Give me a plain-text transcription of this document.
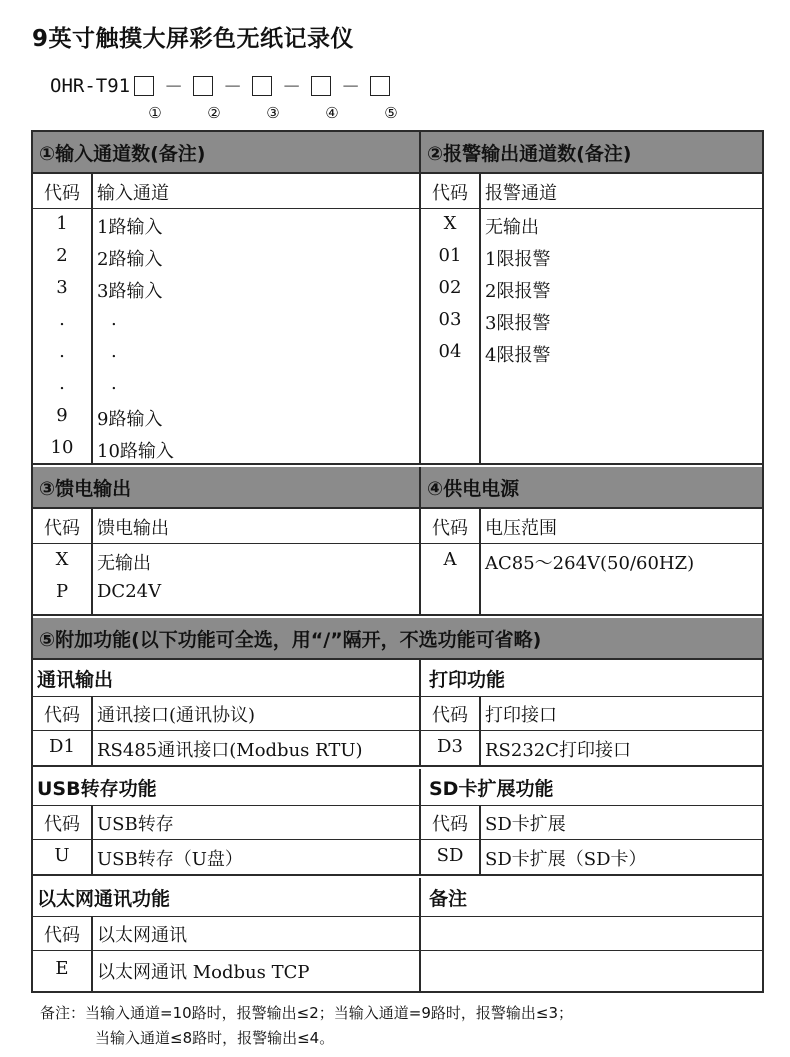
9英寸触摸大屏彩色无纸记录仪
OHR-T91 － － － －
①	②	③	④	⑤
①输入通道数(备注)	②报警输出通道数(备注)
代码 输入通道
1	1路输入
2	2路输入
3	3路输入
.	.
.	.
.	.
9	9路输入
10	10路输入
代码 报警通道
X	无输出
01	1限报警
02	2限报警
03	3限报警
04	4限报警
③馈电输出	④供电电源
代码 馈电输出
X	无输出
P	DC24V
代码 电压范围
A	AC85～264V(50/60HZ)
⑤附加功能(以下功能可全选，用“/”隔开，不选功能可省略)
通讯输出
代码 通讯接口(通讯协议)
D1	RS485通讯接口(Modbus RTU)
打印功能
代码 打印接口
D3	RS232C打印接口
USB转存功能
代码 USB转存
U	USB转存（U盘）
SD卡扩展功能
代码 SD卡扩展
SD	SD卡扩展（SD卡）
以太网通讯功能
代码 以太网通讯
E	以太网通讯 Modbus TCP
备注
备注：当输入通道=10路时，报警输出≤2；当输入通道=9路时，报警输出≤3；
当输入通道≤8路时，报警输出≤4。
